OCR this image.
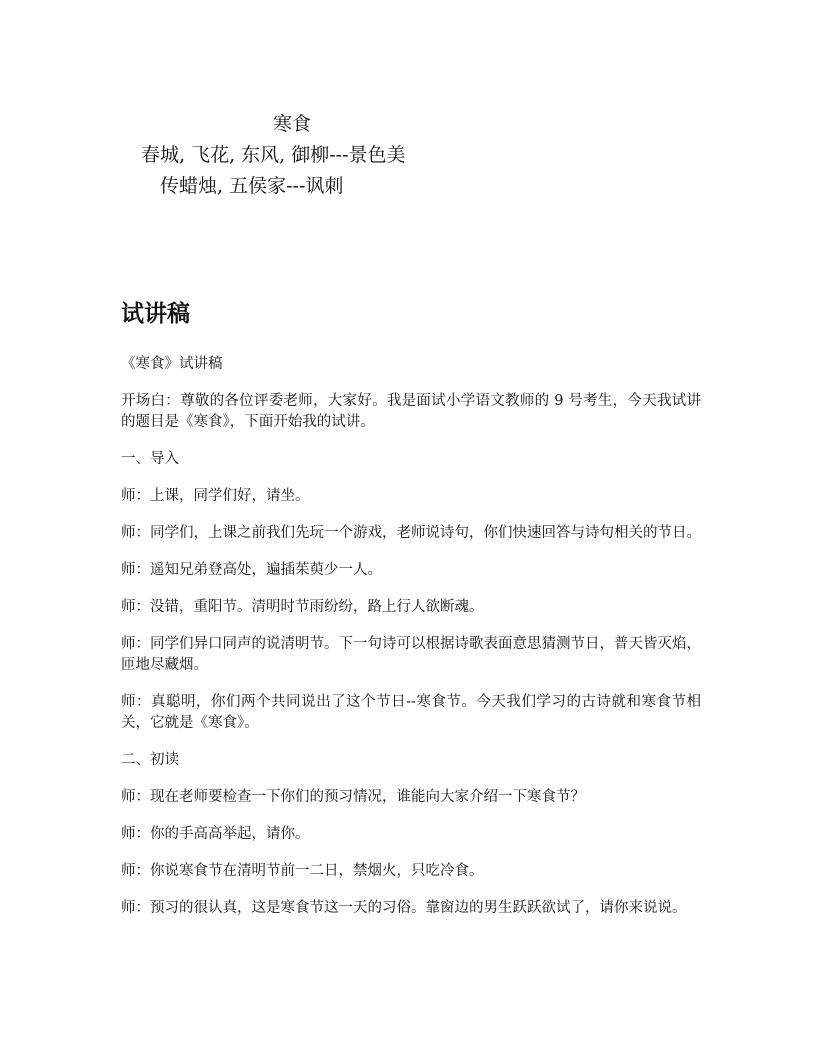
寒食

春城, 飞花, 东风, 御柳---景色美

传蜡烛, 五侯家---讽刺

试讲稿

《寒食》试讲稿

开场白：尊敬的各位评委老师，大家好。我是面试小学语文教师的 9 号考生，今天我试讲的题目是《寒食》，下面开始我的试讲。

一、导入

师：上课，同学们好，请坐。

师：同学们，上课之前我们先玩一个游戏，老师说诗句，你们快速回答与诗句相关的节日。

师：遥知兄弟登高处，遍插茱萸少一人。

师：没错，重阳节。清明时节雨纷纷，路上行人欲断魂。

师：同学们异口同声的说清明节。下一句诗可以根据诗歌表面意思猜测节日，普天皆灭焰，匝地尽藏烟。

师：真聪明，你们两个共同说出了这个节日--寒食节。今天我们学习的古诗就和寒食节相关，它就是《寒食》。

二、初读

师：现在老师要检查一下你们的预习情况，谁能向大家介绍一下寒食节？

师：你的手高高举起，请你。

师：你说寒食节在清明节前一二日，禁烟火，只吃冷食。

师：预习的很认真，这是寒食节这一天的习俗。靠窗边的男生跃跃欲试了，请你来说说。
